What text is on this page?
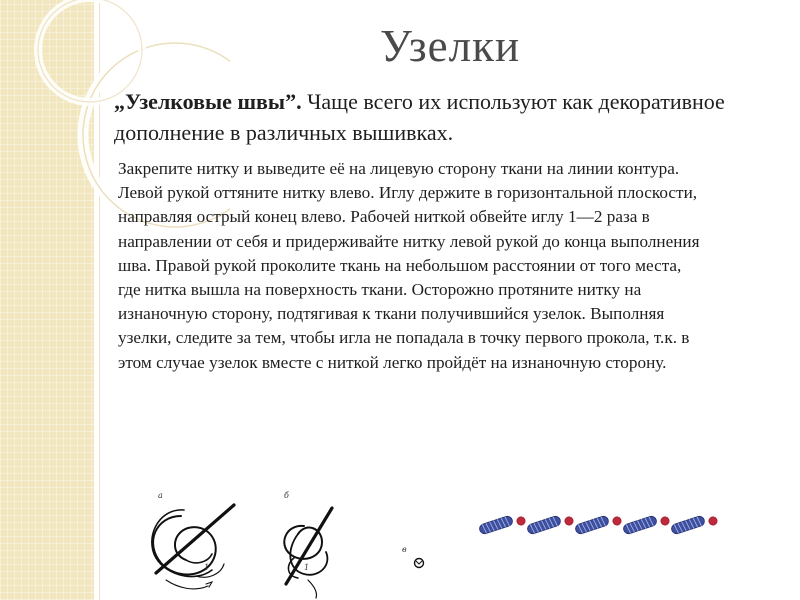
Узелки
„Узелковые швы”. Чаще всего их используют как декоративное дополнение в различных вышивках.
Закрепите нитку и выведите её на лицевую сторону ткани на линии контура. Левой рукой оттяните нитку влево. Иглу держите в горизонтальной плоскости, направляя острый конец влево. Рабочей ниткой обвейте иглу 1—2 раза в направлении от себя и придерживайте нитку левой рукой до конца выполнения шва. Правой рукой проколите ткань на небольшом расстоянии от того места, где нитка вышла на поверхность ткани. Осторожно протяните нитку на изнаночную сторону, подтягивая к ткани получившийся узелок. Выполняя узелки, следите за тем, чтобы игла не попадала в точку первого прокола, т.к. в этом случае узелок вместе с ниткой легко пройдёт на изнаночную сторону.
а
1
б
1
в
